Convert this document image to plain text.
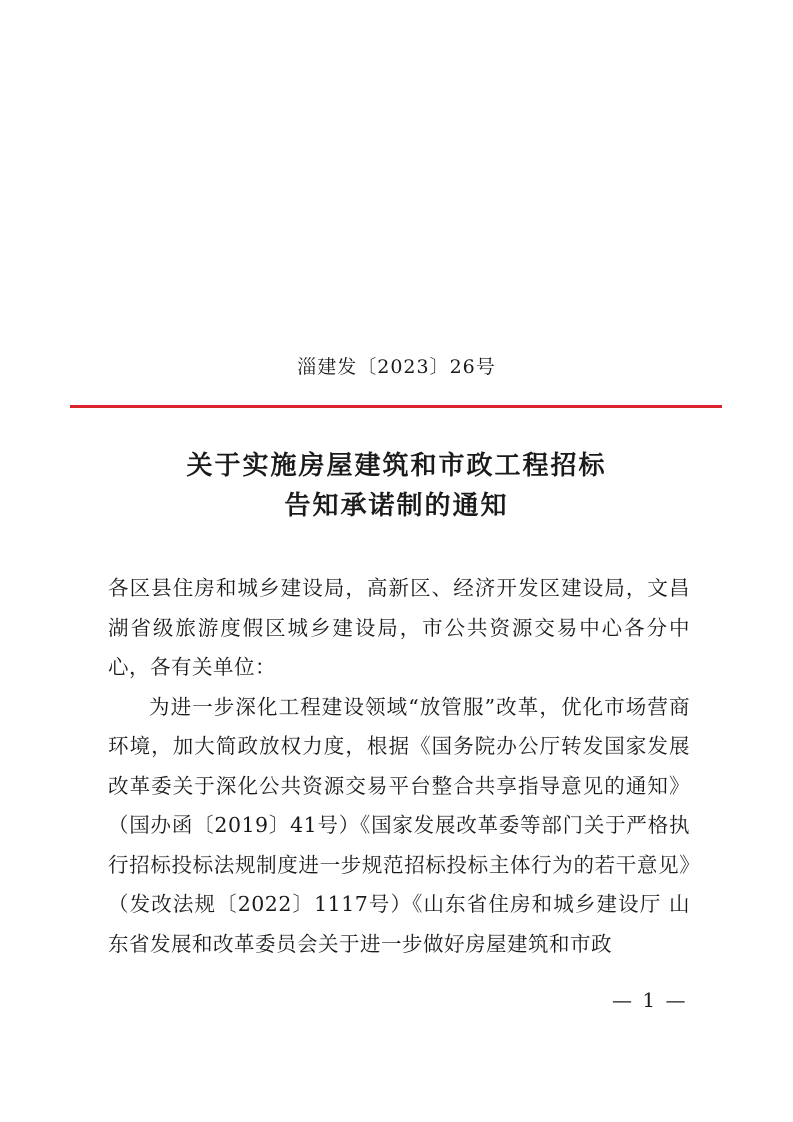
淄建发〔2023〕26号
关于实施房屋建筑和市政工程招标
告知承诺制的通知

各区县住房和城乡建设局，高新区、经济开发区建设局，文昌湖省级旅游度假区城乡建设局，市公共资源交易中心各分中心，各有关单位：

为进一步深化工程建设领域“放管服”改革，优化市场营商环境，加大简政放权力度，根据《国务院办公厅转发国家发展改革委关于深化公共资源交易平台整合共享指导意见的通知》（国办函〔2019〕41号）《国家发展改革委等部门关于严格执行招标投标法规制度进一步规范招标投标主体行为的若干意见》（发改法规〔2022〕1117号）《山东省住房和城乡建设厅 山东省发展和改革委员会关于进一步做好房屋建筑和市政

— 1 —
